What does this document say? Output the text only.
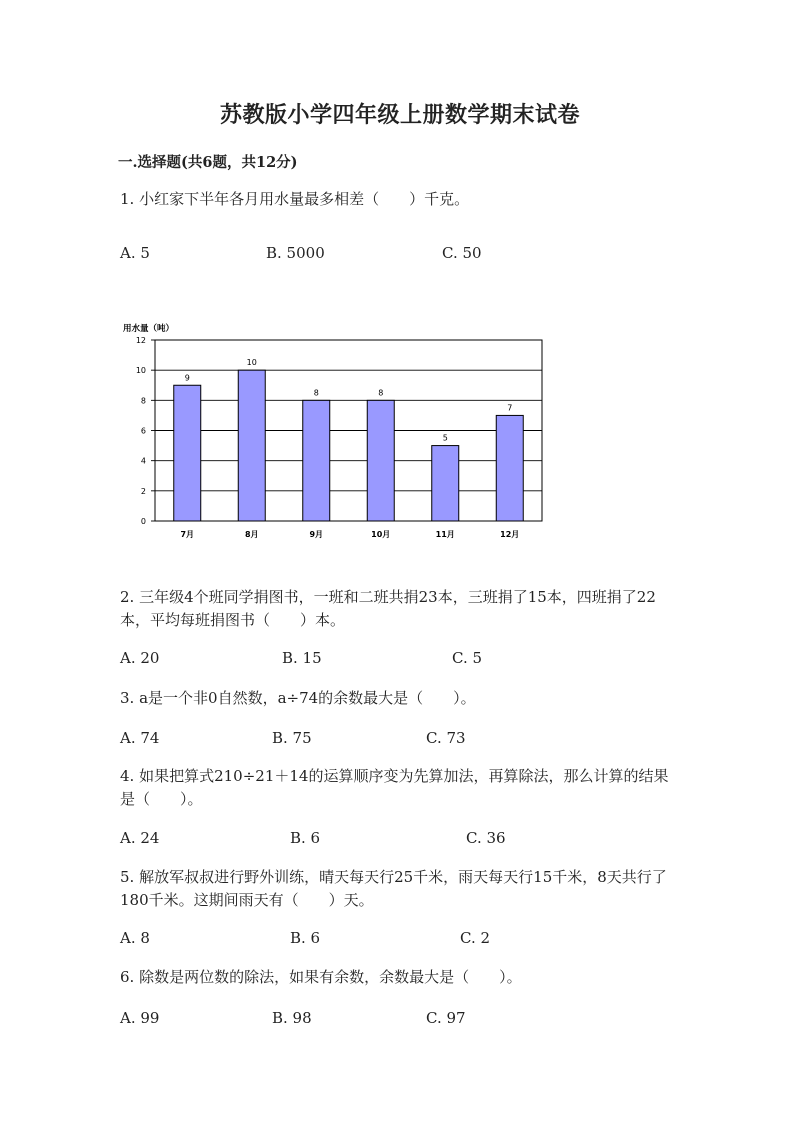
苏教版小学四年级上册数学期末试卷
一.选择题(共6题，共12分)
1. 小红家下半年各月用水量最多相差（　　）千克。
A. 5	B. 5000	C. 50
用水量（吨）
0
2
4
6
8
10
12
9
7月
10
8月
8
9月
8
10月
5
11月
7
12月
2. 三年级4个班同学捐图书，一班和二班共捐23本，三班捐了15本，四班捐了22本，平均每班捐图书（　　）本。
A. 20	B. 15	C. 5
3. a是一个非0自然数，a÷74的余数最大是（　　）。
A. 74	B. 75	C. 73
4. 如果把算式210÷21＋14的运算顺序变为先算加法，再算除法，那么计算的结果是（　　）。
A. 24	B. 6	C. 36
5. 解放军叔叔进行野外训练，晴天每天行25千米，雨天每天行15千米，8天共行了180千米。这期间雨天有（　　）天。
A. 8	B. 6	C. 2
6. 除数是两位数的除法，如果有余数，余数最大是（　　）。
A. 99	B. 98	C. 97
